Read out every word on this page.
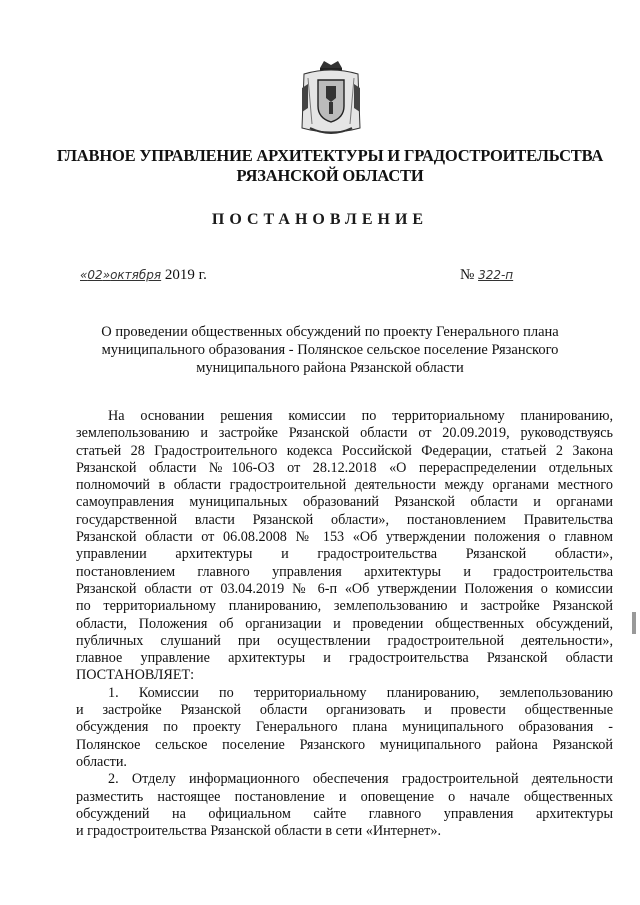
ГЛАВНОЕ УПРАВЛЕНИЕ АРХИТЕКТУРЫ И ГРАДОСТРОИТЕЛЬСТВА
РЯЗАНСКОЙ ОБЛАСТИ
ПОСТАНОВЛЕНИЕ
«02»октября 2019 г.	№ 322-п
О проведении общественных обсуждений по проекту Генерального плана
муниципального образования - Полянское сельское поселение Рязанского
муниципального района Рязанской области
На основании решения комиссии по территориальному планированию,
землепользованию и застройке Рязанской области от 20.09.2019, руководствуясь
статьей 28 Градостроительного кодекса Российской Федерации, статьей 2 Закона
Рязанской области №106-ОЗ от 28.12.2018 «О перераспределении отдельных
полномочий в области градостроительной деятельности между органами местного
самоуправления муниципальных образований Рязанской области и органами
государственной власти Рязанской области», постановлением Правительства
Рязанской области от 06.08.2008 № 153 «Об утверждении положения о главном
управлении архитектуры и градостроительства Рязанской области»,
постановлением главного управления архитектуры и градостроительства
Рязанской области от 03.04.2019 № 6-п «Об утверждении Положения о комиссии
по территориальному планированию, землепользованию и застройке Рязанской
области, Положения об организации и проведении общественных обсуждений,
публичных слушаний при осуществлении градостроительной деятельности»,
главное управление архитектуры и градостроительства Рязанской области
ПОСТАНОВЛЯЕТ:
1. Комиссии по территориальному планированию, землепользованию
и застройке Рязанской области организовать и провести общественные
обсуждения по проекту Генерального плана муниципального образования -
Полянское сельское поселение Рязанского муниципального района Рязанской
области.
2. Отделу информационного обеспечения градостроительной деятельности
разместить настоящее постановление и оповещение о начале общественных
обсуждений на официальном сайте главного управления архитектуры
и градостроительства Рязанской области в сети «Интернет».
